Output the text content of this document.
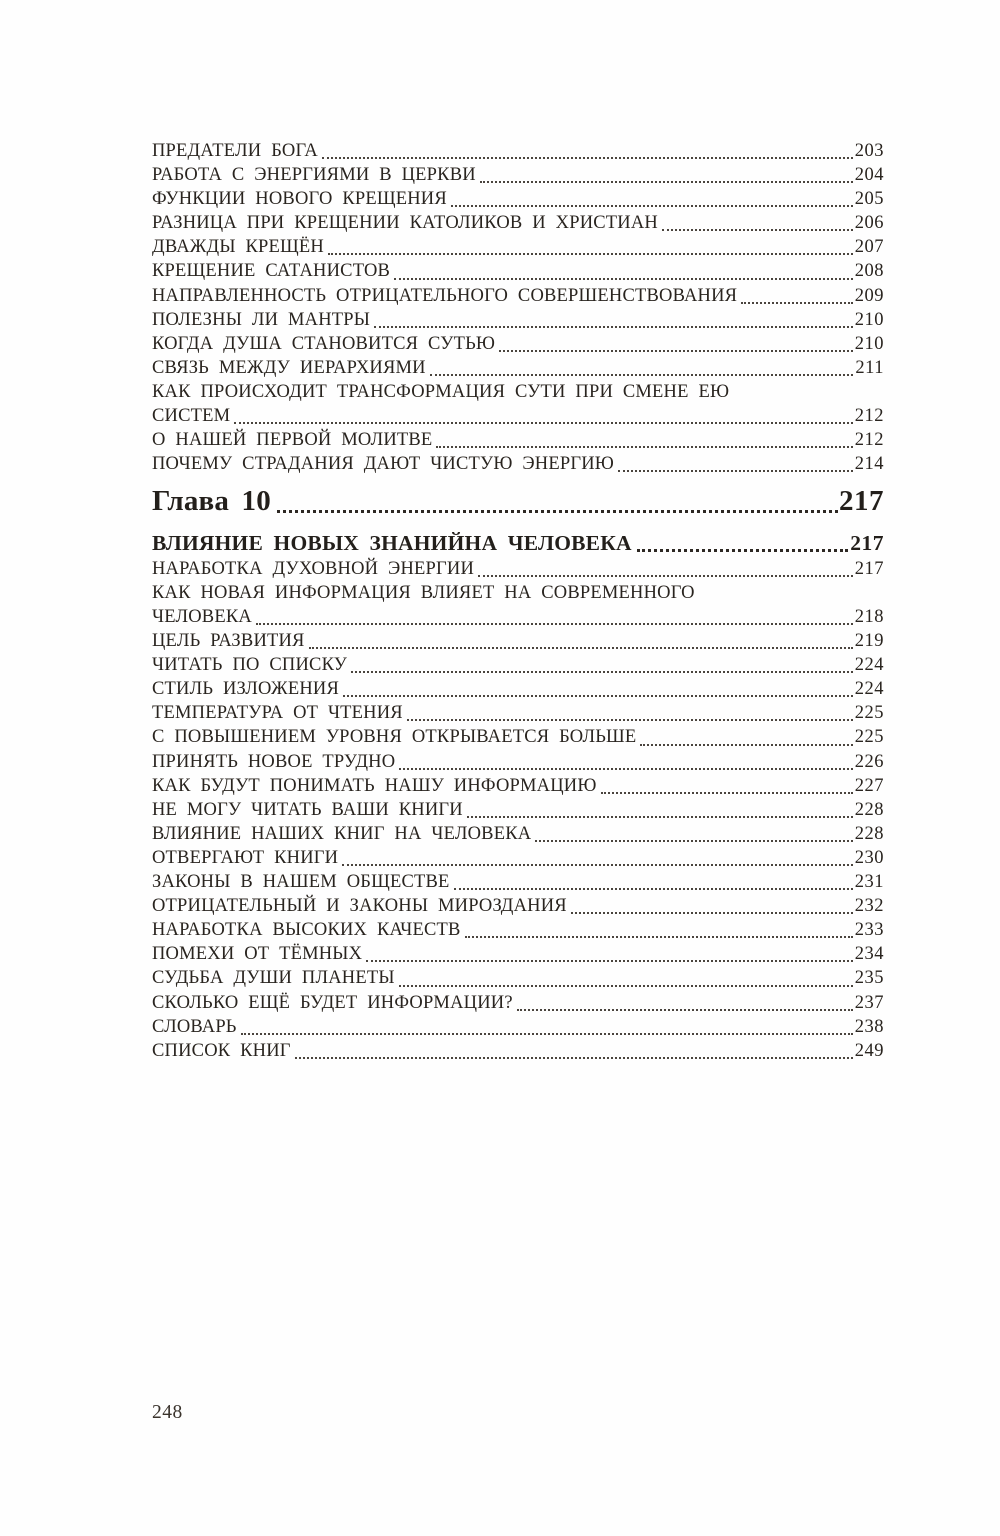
ПРЕДАТЕЛИ БОГА	203
РАБОТА С ЭНЕРГИЯМИ В ЦЕРКВИ	204
ФУНКЦИИ НОВОГО КРЕЩЕНИЯ	205
РАЗНИЦА ПРИ КРЕЩЕНИИ КАТОЛИКОВ И ХРИСТИАН	206
ДВАЖДЫ КРЕЩЁН	207
КРЕЩЕНИЕ САТАНИСТОВ	208
НАПРАВЛЕННОСТЬ ОТРИЦАТЕЛЬНОГО СОВЕРШЕНСТВОВАНИЯ	209
ПОЛЕЗНЫ ЛИ МАНТРЫ	210
КОГДА ДУША СТАНОВИТСЯ СУТЬЮ	210
СВЯЗЬ МЕЖДУ ИЕРАРХИЯМИ	211
КАК ПРОИСХОДИТ ТРАНСФОРМАЦИЯ СУТИ ПРИ СМЕНЕ ЕЮ
СИСТЕМ	212
О НАШЕЙ ПЕРВОЙ МОЛИТВЕ	212
ПОЧЕМУ СТРАДАНИЯ ДАЮТ ЧИСТУЮ ЭНЕРГИЮ	214
Глава 10	217
ВЛИЯНИЕ НОВЫХ ЗНАНИЙНА ЧЕЛОВЕКА	217
НАРАБОТКА ДУХОВНОЙ ЭНЕРГИИ	217
КАК НОВАЯ ИНФОРМАЦИЯ ВЛИЯЕТ НА СОВРЕМЕННОГО
ЧЕЛОВЕКА	218
ЦЕЛЬ РАЗВИТИЯ	219
ЧИТАТЬ ПО СПИСКУ	224
СТИЛЬ ИЗЛОЖЕНИЯ	224
ТЕМПЕРАТУРА ОТ ЧТЕНИЯ	225
С ПОВЫШЕНИЕМ УРОВНЯ ОТКРЫВАЕТСЯ БОЛЬШЕ	225
ПРИНЯТЬ НОВОЕ ТРУДНО	226
КАК БУДУТ ПОНИМАТЬ НАШУ ИНФОРМАЦИЮ	227
НЕ МОГУ ЧИТАТЬ ВАШИ КНИГИ	228
ВЛИЯНИЕ НАШИХ КНИГ НА ЧЕЛОВЕКА	228
ОТВЕРГАЮТ КНИГИ	230
ЗАКОНЫ В НАШЕМ ОБЩЕСТВЕ	231
ОТРИЦАТЕЛЬНЫЙ И ЗАКОНЫ МИРОЗДАНИЯ	232
НАРАБОТКА ВЫСОКИХ КАЧЕСТВ	233
ПОМЕХИ ОТ ТЁМНЫХ	234
СУДЬБА ДУШИ ПЛАНЕТЫ	235
СКОЛЬКО ЕЩЁ БУДЕТ ИНФОРМАЦИИ?	237
СЛОВАРЬ	238
СПИСОК КНИГ	249
248
